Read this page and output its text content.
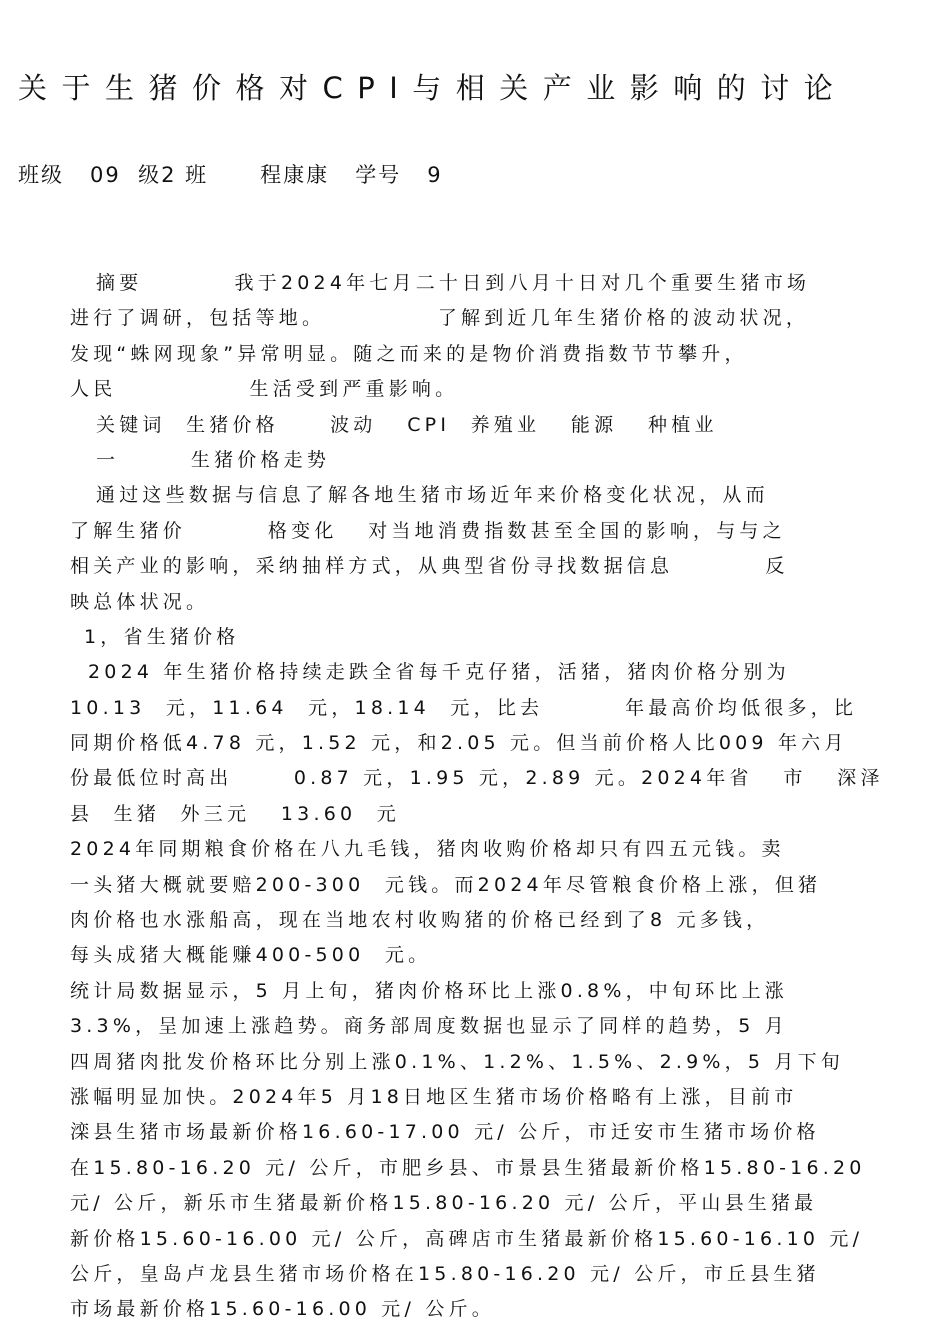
关于生猪价格对CPI与相关产业影响的讨论
班级   09  级2 班      程康康   学号   9
摘要         我于2024年七月二十日到八月十日对几个重要生猪市场
进行了调研，包括等地。           了解到近几年生猪价格的波动状况，
发现“蛛网现象”异常明显。随之而来的是物价消费指数节节攀升，
人民             生活受到严重影响。
关键词  生猪价格     波动   CPI  养殖业   能源   种植业
一       生猪价格走势
通过这些数据与信息了解各地生猪市场近年来价格变化状况，从而
了解生猪价        格变化   对当地消费指数甚至全国的影响，与与之
相关产业的影响，采纳抽样方式，从典型省份寻找数据信息         反
映总体状况。
1，省生猪价格
2024 年生猪价格持续走跌全省每千克仔猪，活猪，猪肉价格分别为
10.13  元，11.64  元，18.14  元，比去        年最高价均低很多，比
同期价格低4.78 元，1.52 元，和2.05 元。但当前价格人比009 年六月
份最低位时高出      0.87 元，1.95 元，2.89 元。2024年省   市   深泽
县  生猪  外三元   13.60  元
2024年同期粮食价格在八九毛钱，猪肉收购价格却只有四五元钱。卖
一头猪大概就要赔200-300  元钱。而2024年尽管粮食价格上涨，但猪
肉价格也水涨船高，现在当地农村收购猪的价格已经到了8 元多钱，
每头成猪大概能赚400-500  元。
统计局数据显示，5 月上旬，猪肉价格环比上涨0.8%，中旬环比上涨
3.3%，呈加速上涨趋势。商务部周度数据也显示了同样的趋势，5 月
四周猪肉批发价格环比分别上涨0.1%、1.2%、1.5%、2.9%，5 月下旬
涨幅明显加快。2024年5 月18日地区生猪市场价格略有上涨，目前市
滦县生猪市场最新价格16.60-17.00 元/ 公斤，市迁安市生猪市场价格
在15.80-16.20 元/ 公斤，市肥乡县、市景县生猪最新价格15.80-16.20
元/ 公斤，新乐市生猪最新价格15.80-16.20 元/ 公斤，平山县生猪最
新价格15.60-16.00 元/ 公斤，高碑店市生猪最新价格15.60-16.10 元/
公斤，皇岛卢龙县生猪市场价格在15.80-16.20 元/ 公斤，市丘县生猪
市场最新价格15.60-16.00 元/ 公斤。
